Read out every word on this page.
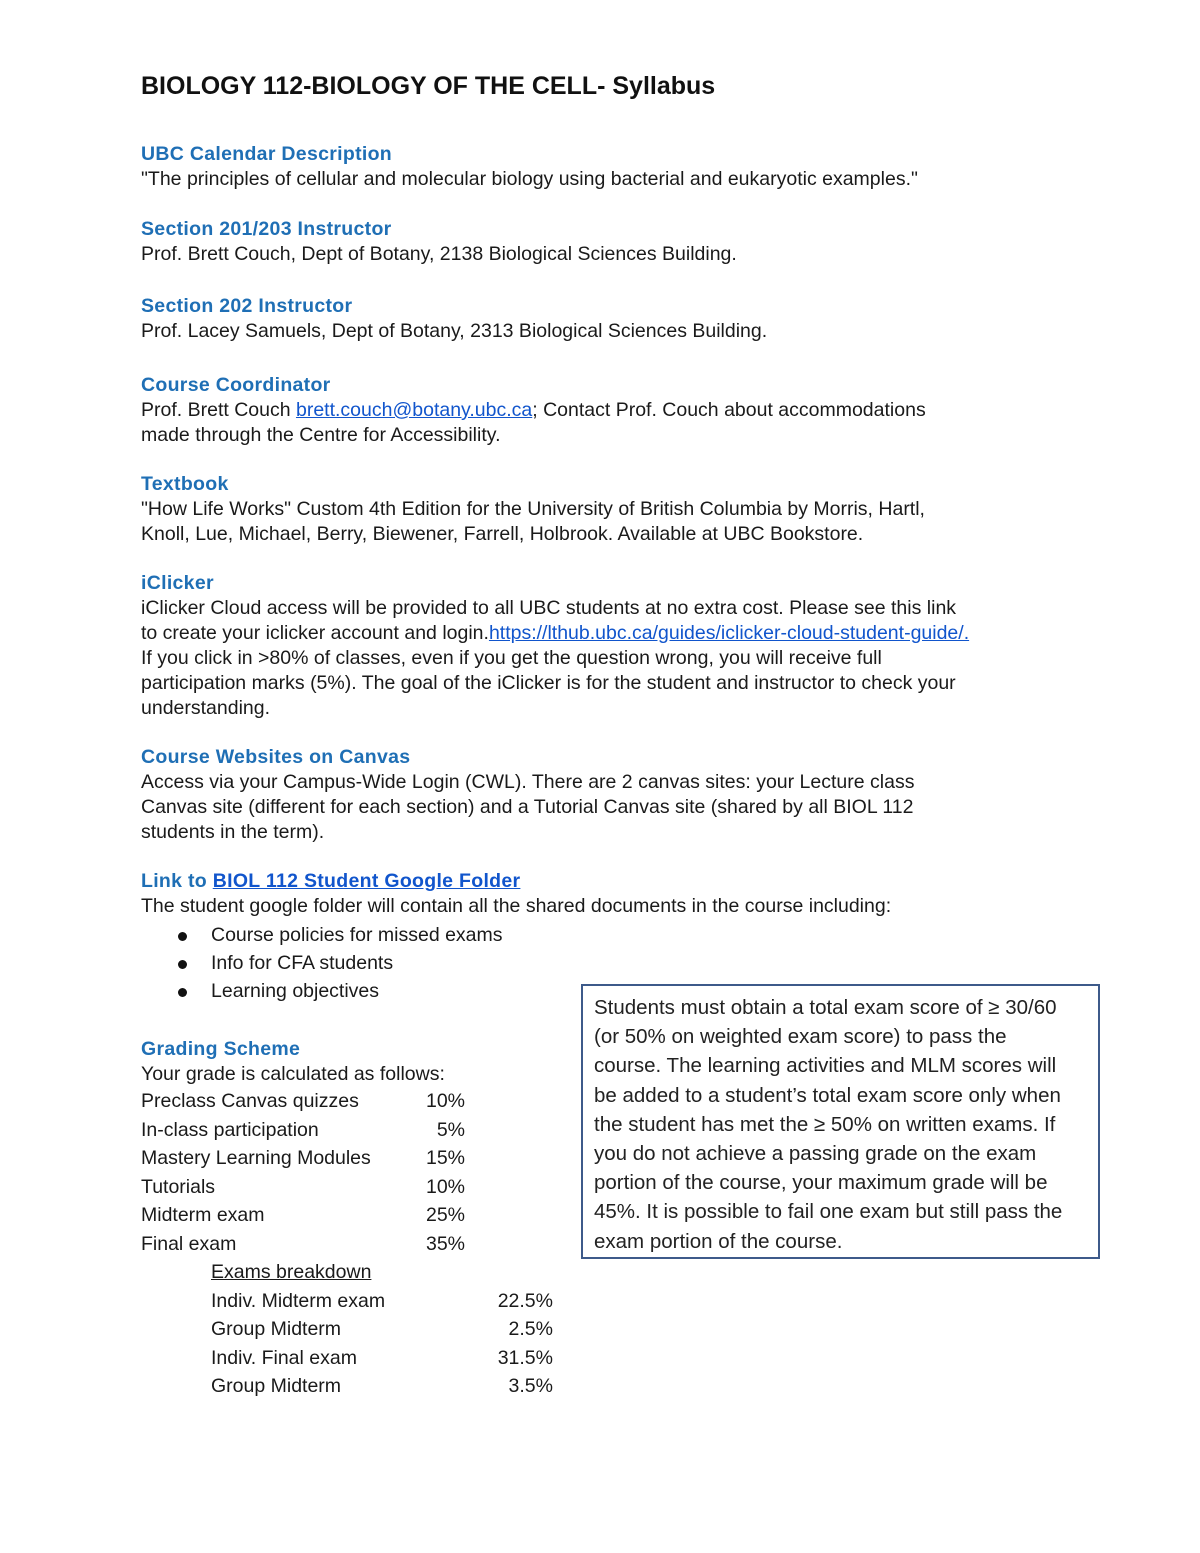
BIOLOGY 112-BIOLOGY OF THE CELL- Syllabus
UBC Calendar Description
"The principles of cellular and molecular biology using bacterial and eukaryotic examples."
Section 201/203 Instructor
Prof. Brett Couch, Dept of Botany, 2138 Biological Sciences Building.
Section 202 Instructor
Prof. Lacey Samuels, Dept of Botany, 2313 Biological Sciences Building.
Course Coordinator
Prof. Brett Couch brett.couch@botany.ubc.ca; Contact Prof. Couch about accommodations
made through the Centre for Accessibility.
Textbook
"How Life Works" Custom 4th Edition for the University of British Columbia by Morris, Hartl,
Knoll, Lue, Michael, Berry, Biewener, Farrell, Holbrook. Available at UBC Bookstore.
iClicker
iClicker Cloud access will be provided to all UBC students at no extra cost. Please see this link
to create your iclicker account and login.https://lthub.ubc.ca/guides/iclicker-cloud-student-guide/.
If you click in >80% of classes, even if you get the question wrong, you will receive full
participation marks (5%). The goal of the iClicker is for the student and instructor to check your
understanding.
Course Websites on Canvas
Access via your Campus-Wide Login (CWL). There are 2 canvas sites: your Lecture class
Canvas site (different for each section) and a Tutorial Canvas site (shared by all BIOL 112
students in the term).
Link to BIOL 112 Student Google Folder
The student google folder will contain all the shared documents in the course including:
Course policies for missed exams
Info for CFA students
Learning objectives
Grading Scheme
Your grade is calculated as follows:
Preclass Canvas quizzes	10%
In-class participation	5%
Mastery Learning Modules	15%
Tutorials	10%
Midterm exam	25%
Final exam	35%
Exams breakdown
Indiv. Midterm exam	22.5%
Group Midterm	2.5%
Indiv. Final exam	31.5%
Group Midterm	3.5%
Students must obtain a total exam score of ≥ 30/60
(or 50% on weighted exam score) to pass the
course. The learning activities and MLM scores will
be added to a student’s total exam score only when
the student has met the ≥ 50% on written exams. If
you do not achieve a passing grade on the exam
portion of the course, your maximum grade will be
45%. It is possible to fail one exam but still pass the
exam portion of the course.
